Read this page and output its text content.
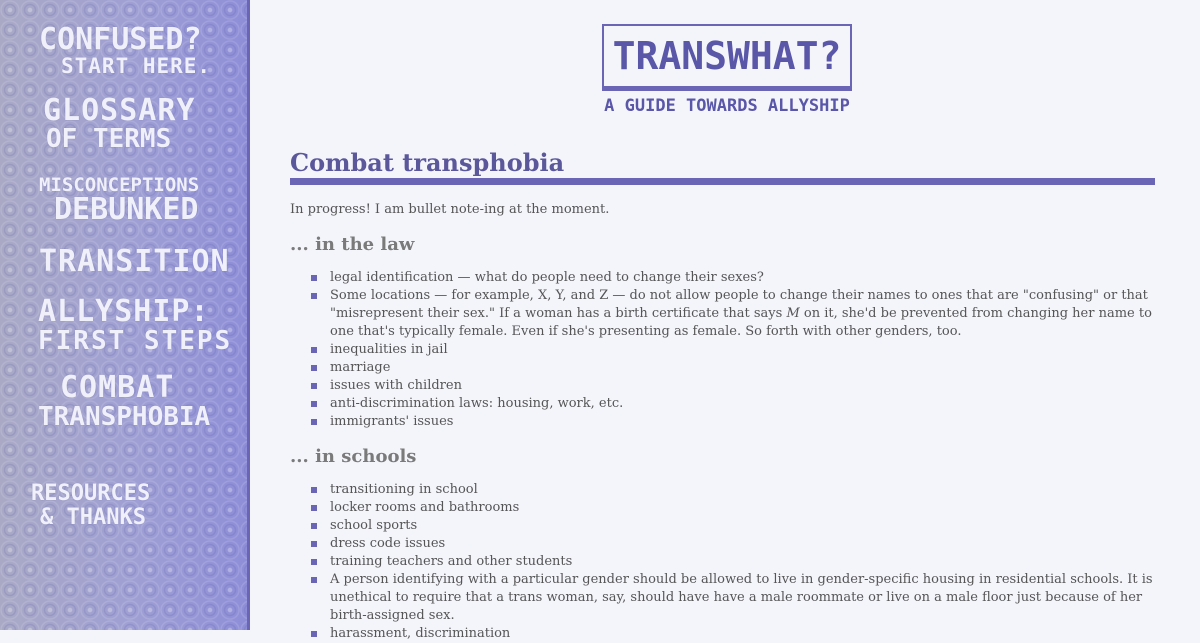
CONFUSED?
START HERE.
GLOSSARY
OF TERMS
MISCONCEPTIONS
DEBUNKED
TRANSITION
ALLYSHIP:
FIRST STEPS
COMBAT
TRANSPHOBIA
RESOURCES
& THANKS
TRANSWHAT?
A GUIDE TOWARDS ALLYSHIP
Combat transphobia

In progress! I am bullet note-ing at the moment.

... in the law
legal identification — what do people need to change their sexes?
Some locations — for example, X, Y, and Z — do not allow people to change their names to ones that are "confusing" or that "misrepresent their sex." If a woman has a birth certificate that says M on it, she'd be prevented from changing her name to one that's typically female. Even if she's presenting as female. So forth with other genders, too.
inequalities in jail
marriage
issues with children
anti-discrimination laws: housing, work, etc.
immigrants' issues
... in schools
transitioning in school
locker rooms and bathrooms
school sports
dress code issues
training teachers and other students
A person identifying with a particular gender should be allowed to live in gender-specific housing in residential schools. It is unethical to require that a trans woman, say, should have have a male roommate or live on a male floor just because of her birth-assigned sex.
harassment, discrimination
